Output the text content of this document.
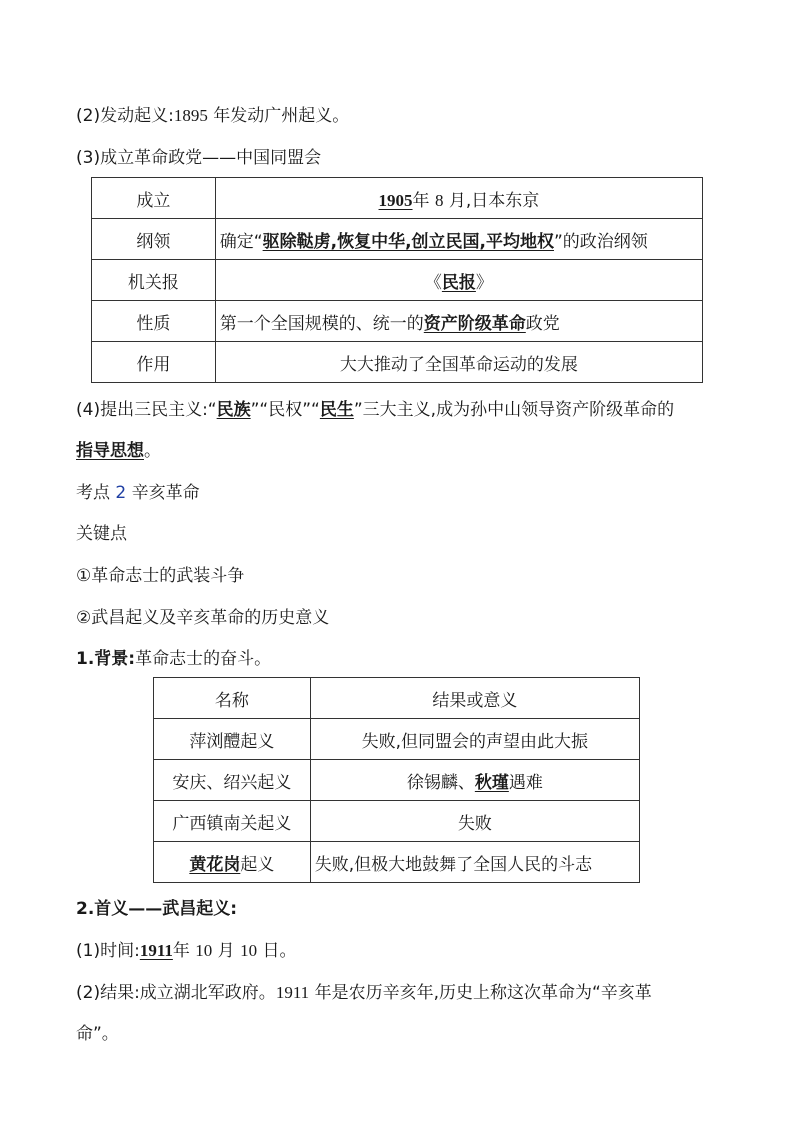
(2)发动起义:1895 年发动广州起义。
(3)成立革命政党——中国同盟会
成立	1905年 8 月,日本东京
纲领	确定“驱除鞑虏,恢复中华,创立民国,平均地权”的政治纲领
机关报	《民报》
性质	第一个全国规模的、统一的资产阶级革命政党
作用	大大推动了全国革命运动的发展
(4)提出三民主义:“民族”“民权”“民生”三大主义,成为孙中山领导资产阶级革命的
指导思想。
考点 2 辛亥革命
关键点
①革命志士的武装斗争
②武昌起义及辛亥革命的历史意义
1.背景:革命志士的奋斗。
名称	结果或意义
萍浏醴起义	失败,但同盟会的声望由此大振
安庆、绍兴起义	徐锡麟、秋瑾遇难
广西镇南关起义	失败
黄花岗起义	失败,但极大地鼓舞了全国人民的斗志
2.首义——武昌起义:
(1)时间:1911年 10 月 10 日。
(2)结果:成立湖北军政府。1911 年是农历辛亥年,历史上称这次革命为“辛亥革
命”。
